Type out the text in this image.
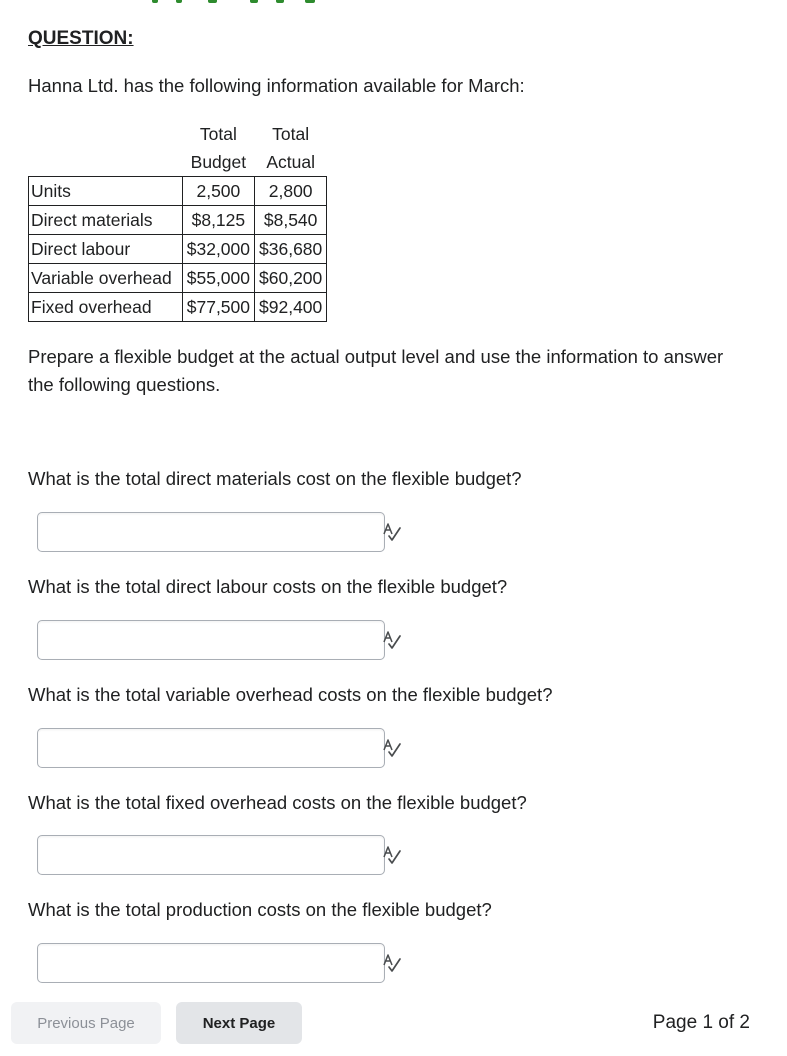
QUESTION:
Hanna Ltd. has the following information available for March:
	Total	Total
	Budget	Actual
Units	2,500	2,800
Direct materials	$8,125	$8,540
Direct labour	$32,000	$36,680
Variable overhead	$55,000	$60,200
Fixed overhead	$77,500	$92,400
Prepare a flexible budget at the actual output level and use the information to answer the following questions.
What is the total direct materials cost on the flexible budget?
What is the total direct labour costs on the flexible budget?
What is the total variable overhead costs on the flexible budget?
What is the total fixed overhead costs on the flexible budget?
What is the total production costs on the flexible budget?
Previous Page	Next Page	Page 1 of 2
